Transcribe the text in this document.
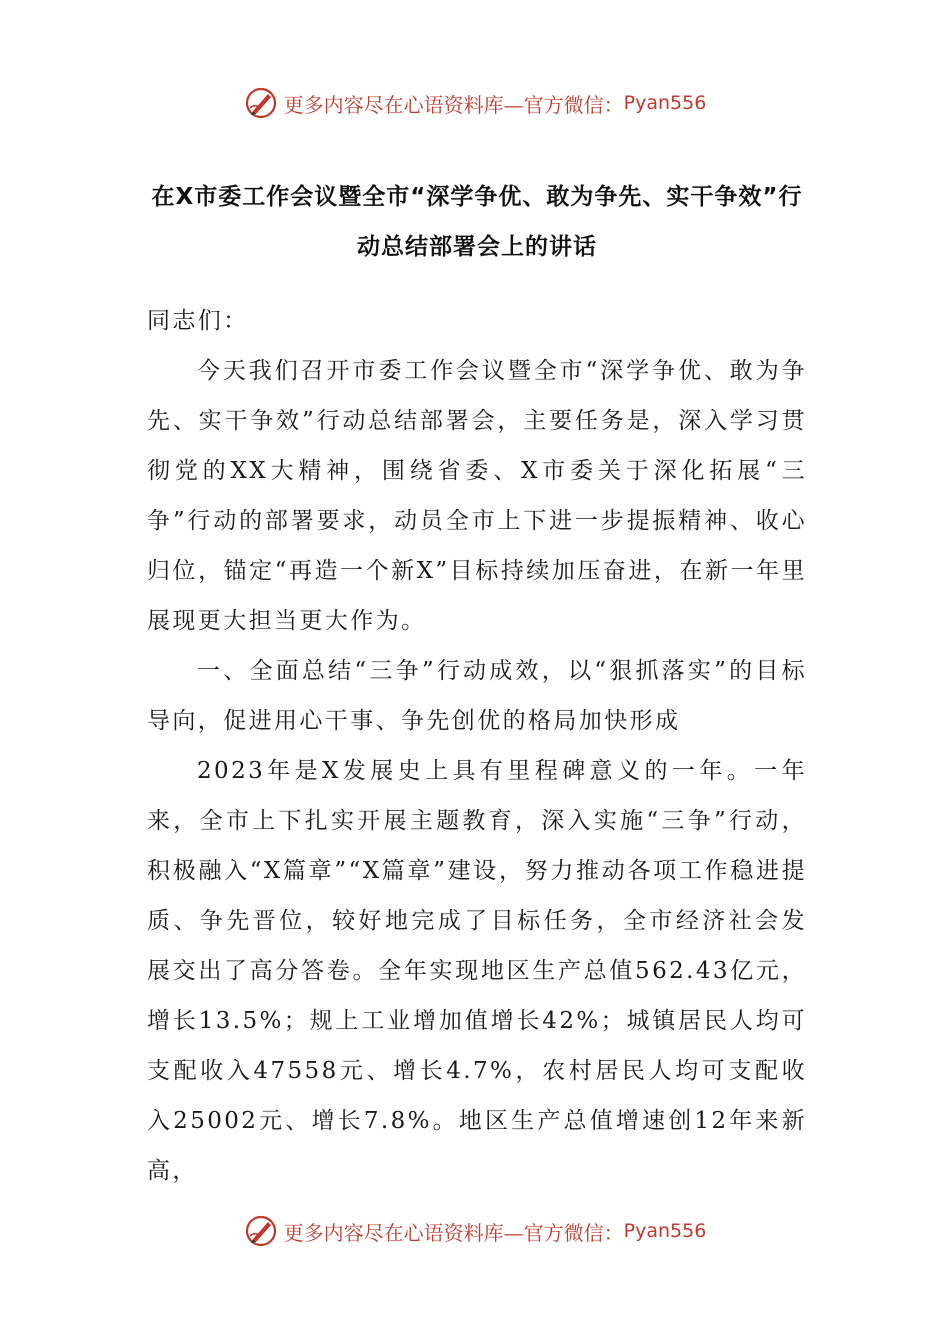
更多内容尽在心语资料库—官方微信： Pyan556
在X市委工作会议暨全市“深学争优、敢为争先、实干争效”行动总结部署会上的讲话

同志们：

今天我们召开市委工作会议暨全市“深学争优、敢为争先、实干争效”行动总结部署会，主要任务是，深入学习贯彻党的XX大精神，围绕省委、X市委关于深化拓展“三争”行动的部署要求，动员全市上下进一步提振精神、收心归位，锚定“再造一个新X”目标持续加压奋进，在新一年里展现更大担当更大作为。

一、全面总结“三争”行动成效，以“狠抓落实”的目标导向，促进用心干事、争先创优的格局加快形成

2023年是X发展史上具有里程碑意义的一年。一年来，全市上下扎实开展主题教育，深入实施“三争”行动，积极融入“X篇章”“X篇章”建设，努力推动各项工作稳进提质、争先晋位，较好地完成了目标任务，全市经济社会发展交出了高分答卷。全年实现地区生产总值562.43亿元，增长13.5%；规上工业增加值增长42%；城镇居民人均可支配收入47558元、增长4.7%，农村居民人均可支配收入25002元、增长7.8%。地区生产总值增速创12年来新高，

更多内容尽在心语资料库—官方微信： Pyan556
